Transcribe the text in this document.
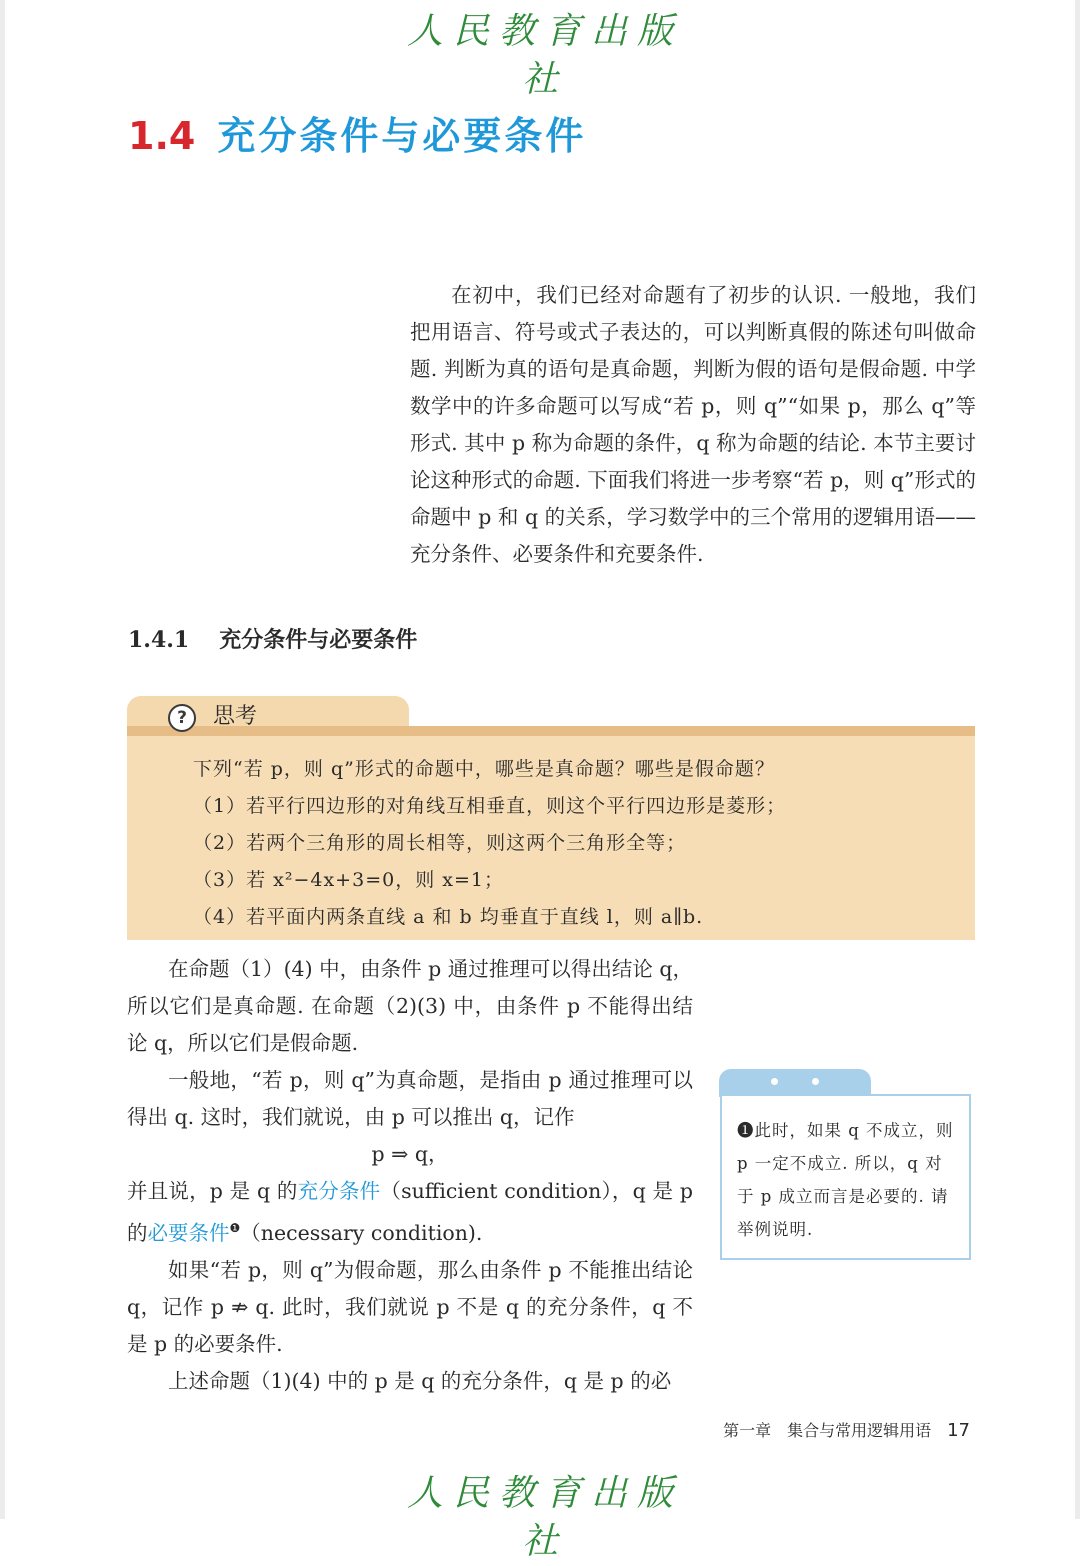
人民教育出版社
1.4 充分条件与必要条件

在初中，我们已经对命题有了初步的认识. 一般地，我们把用语言、符号或式子表达的，可以判断真假的陈述句叫做命题. 判断为真的语句是真命题，判断为假的语句是假命题. 中学数学中的许多命题可以写成“若 p，则 q”“如果 p，那么 q”等形式. 其中 p 称为命题的条件，q 称为命题的结论. 本节主要讨论这种形式的命题. 下面我们将进一步考察“若 p，则 q”形式的命题中 p 和 q 的关系，学习数学中的三个常用的逻辑用语——充分条件、必要条件和充要条件.

1.4.1 充分条件与必要条件
?	思考
下列“若 p，则 q”形式的命题中，哪些是真命题？哪些是假命题？
（1）若平行四边形的对角线互相垂直，则这个平行四边形是菱形；
（2）若两个三角形的周长相等，则这两个三角形全等；
（3）若 x²−4x+3=0，则 x=1；
（4）若平面内两条直线 a 和 b 均垂直于直线 l，则 a∥b.

在命题（1）(4) 中，由条件 p 通过推理可以得出结论 q，所以它们是真命题. 在命题（2)(3) 中，由条件 p 不能得出结论 q，所以它们是假命题.

一般地，“若 p，则 q”为真命题，是指由 p 通过推理可以得出 q. 这时，我们就说，由 p 可以推出 q，记作

p ⇒ q，

并且说，p 是 q 的充分条件（sufficient condition），q 是 p 的必要条件$^❶$（necessary condition).

如果“若 p，则 q”为假命题，那么由条件 p 不能推出结论 q，记作 p ⇏ q. 此时，我们就说 p 不是 q 的充分条件，q 不是 p 的必要条件.

上述命题（1)(4) 中的 p 是 q 的充分条件，q 是 p 的必

❶此时，如果 q 不成立，则 p 一定不成立. 所以，q 对于 p 成立而言是必要的. 请举例说明.
第一章　集合与常用逻辑用语 17
人民教育出版社
